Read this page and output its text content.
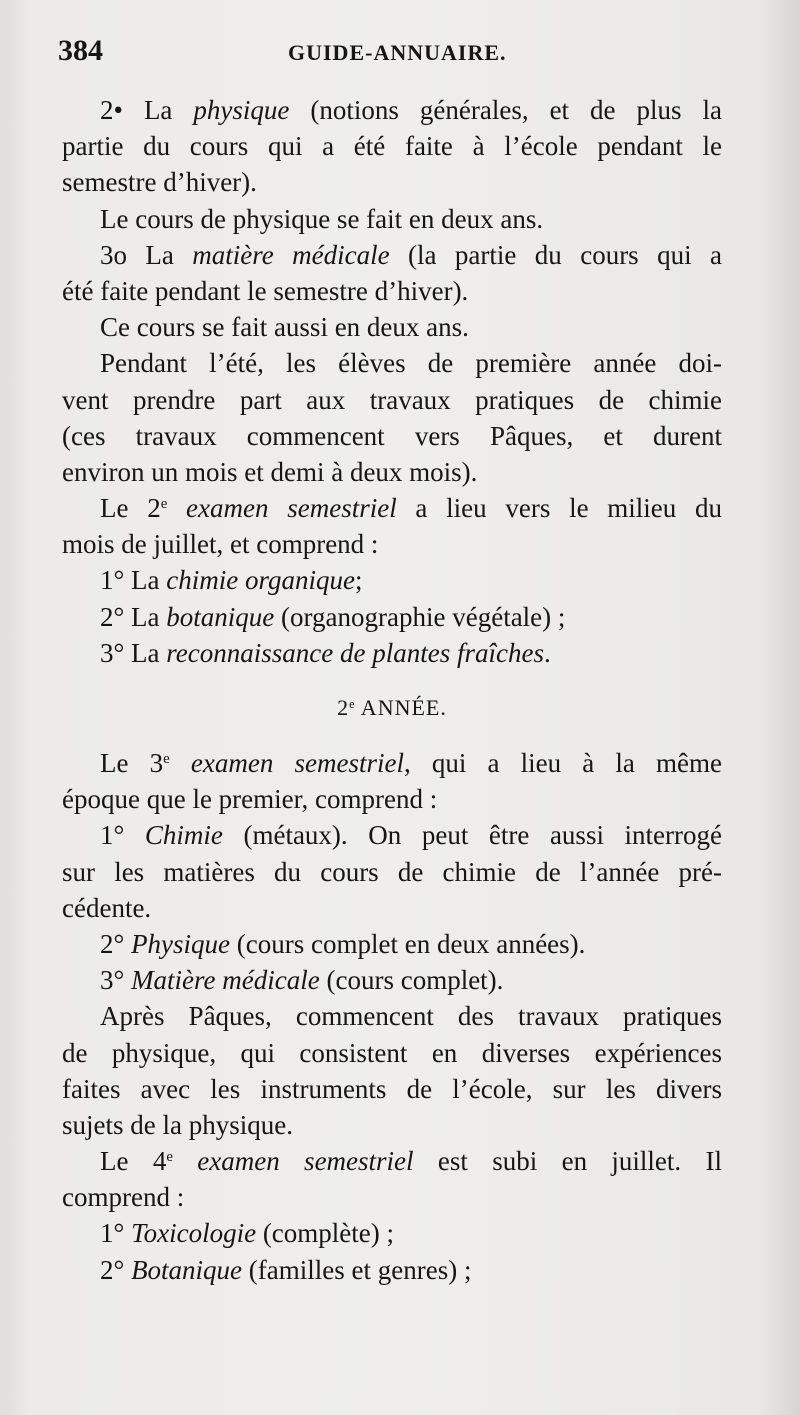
384	GUIDE-ANNUAIRE.
2• La physique (notions générales, et de plus la
partie du cours qui a été faite à l’école pendant le
semestre d’hiver).
Le cours de physique se fait en deux ans.
3o La matière médicale (la partie du cours qui a
été faite pendant le semestre d’hiver).
Ce cours se fait aussi en deux ans.
Pendant l’été, les élèves de première année doi-
vent prendre part aux travaux pratiques de chimie
(ces travaux commencent vers Pâques, et durent
environ un mois et demi à deux mois).
Le 2e examen semestriel a lieu vers le milieu du
mois de juillet, et comprend :
1° La chimie organique;
2° La botanique (organographie végétale) ;
3° La reconnaissance de plantes fraîches.
2e ANNÉE.
Le 3e examen semestriel, qui a lieu à la même
époque que le premier, comprend :
1° Chimie (métaux). On peut être aussi interrogé
sur les matières du cours de chimie de l’année pré-
cédente.
2° Physique (cours complet en deux années).
3° Matière médicale (cours complet).
Après Pâques, commencent des travaux pratiques
de physique, qui consistent en diverses expériences
faites avec les instruments de l’école, sur les divers
sujets de la physique.
Le 4e examen semestriel est subi en juillet. Il
comprend :
1° Toxicologie (complète) ;
2° Botanique (familles et genres) ;
